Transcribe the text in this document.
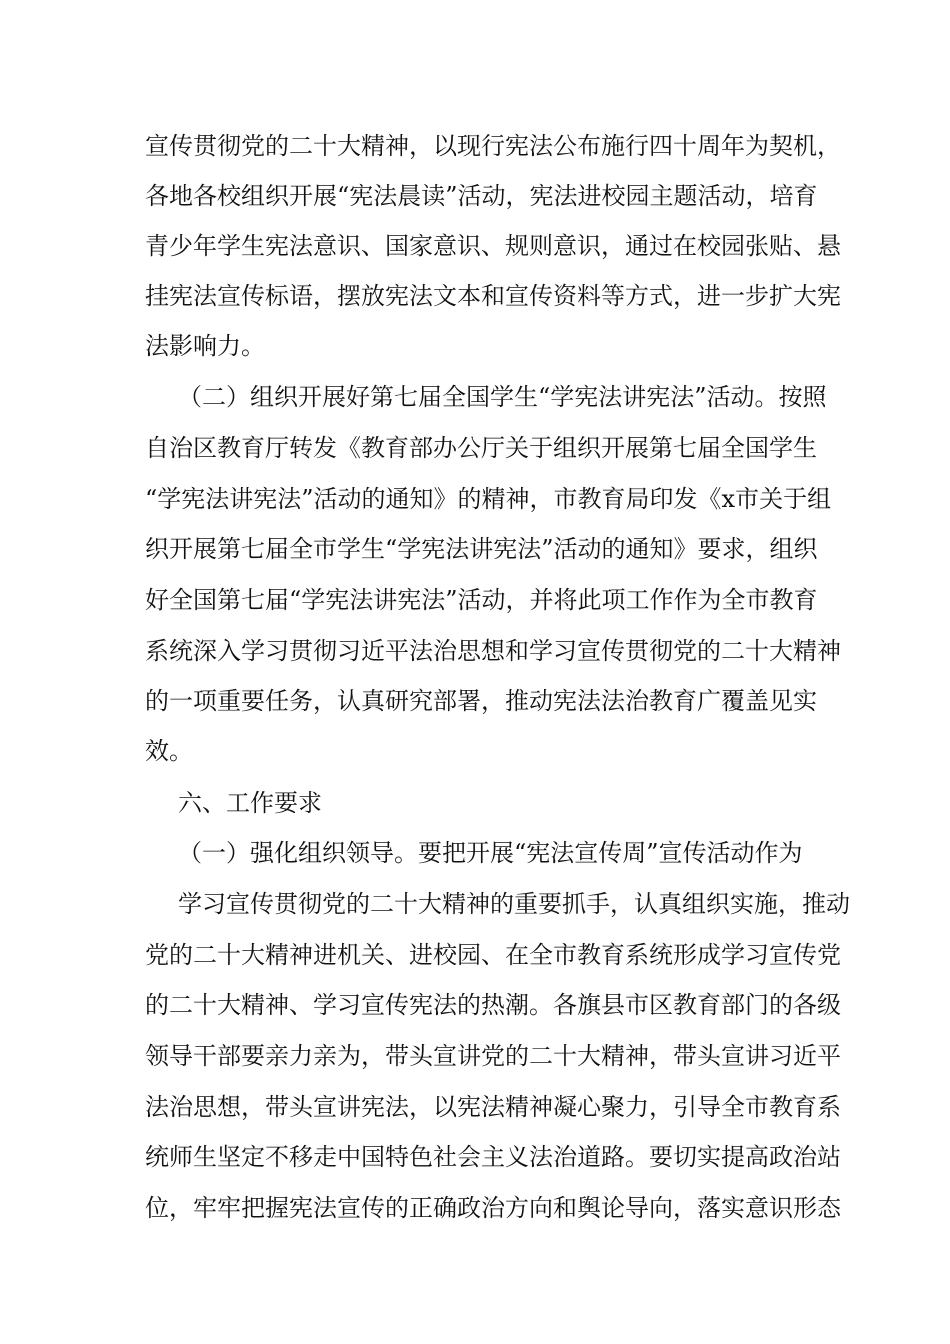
宣传贯彻党的二十大精神，以现行宪法公布施行四十周年为契机，
各地各校组织开展“宪法晨读”活动，宪法进校园主题活动，培育
青少年学生宪法意识、国家意识、规则意识，通过在校园张贴、悬
挂宪法宣传标语，摆放宪法文本和宣传资料等方式，进一步扩大宪
法影响力。
（二）组织开展好第七届全国学生“学宪法讲宪法”活动。按照
自治区教育厅转发《教育部办公厅关于组织开展第七届全国学生
“学宪法讲宪法”活动的通知》的精神，市教育局印发《x市关于组
织开展第七届全市学生“学宪法讲宪法”活动的通知》要求，组织
好全国第七届“学宪法讲宪法”活动，并将此项工作作为全市教育
系统深入学习贯彻习近平法治思想和学习宣传贯彻党的二十大精神
的一项重要任务，认真研究部署，推动宪法法治教育广覆盖见实
效。
六、工作要求
（一）强化组织领导。要把开展“宪法宣传周”宣传活动作为
学习宣传贯彻党的二十大精神的重要抓手，认真组织实施，推动
党的二十大精神进机关、进校园、在全市教育系统形成学习宣传党
的二十大精神、学习宣传宪法的热潮。各旗县市区教育部门的各级
领导干部要亲力亲为，带头宣讲党的二十大精神，带头宣讲习近平
法治思想，带头宣讲宪法，以宪法精神凝心聚力，引导全市教育系
统师生坚定不移走中国特色社会主义法治道路。要切实提高政治站
位，牢牢把握宪法宣传的正确政治方向和舆论导向，落实意识形态
